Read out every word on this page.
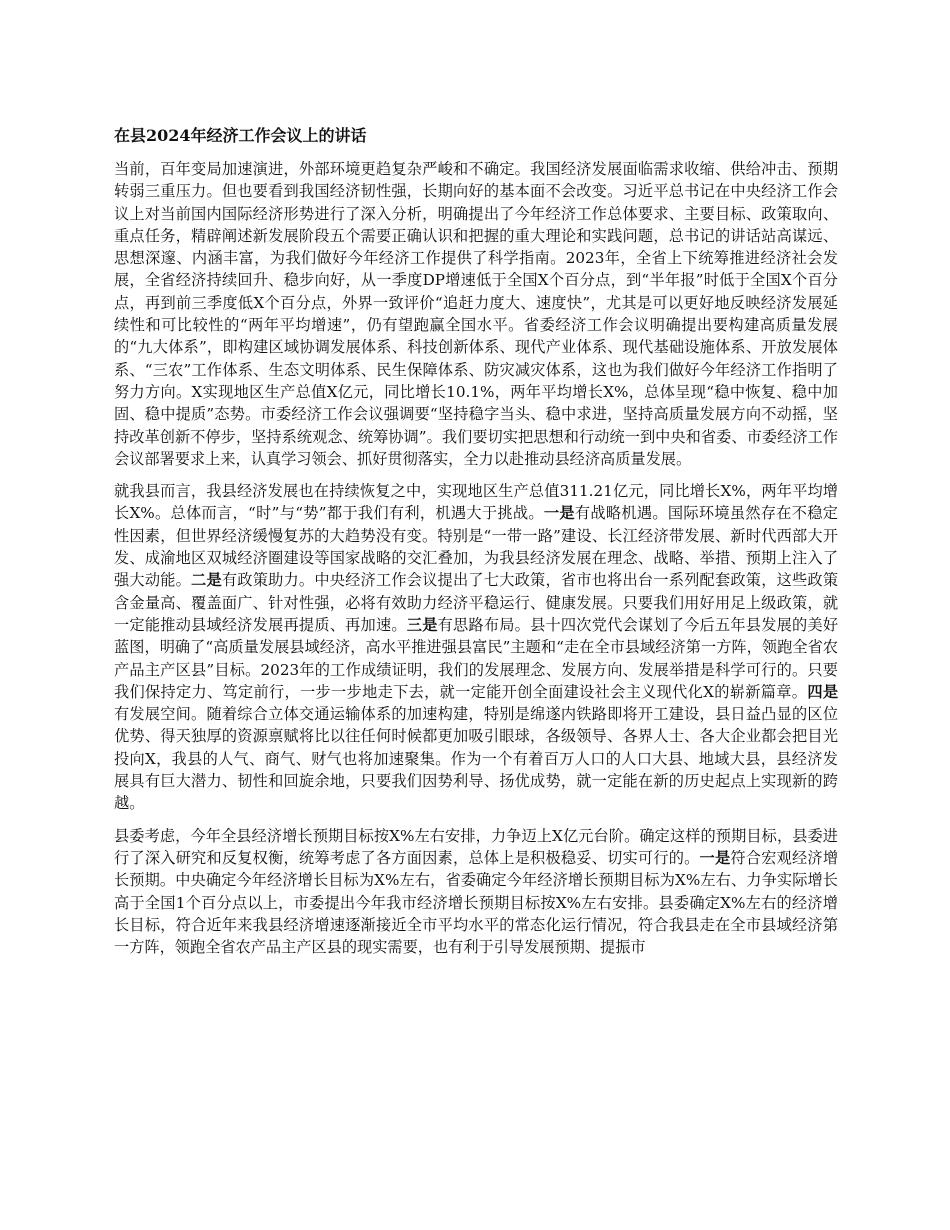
在县2024年经济工作会议上的讲话
当前，百年变局加速演进，外部环境更趋复杂严峻和不确定。我国经济发展面临需求收缩、供给冲击、预期转弱三重压力。但也要看到我国经济韧性强，长期向好的基本面不会改变。习近平总书记在中央经济工作会议上对当前国内国际经济形势进行了深入分析，明确提出了今年经济工作总体要求、主要目标、政策取向、重点任务，精辟阐述新发展阶段五个需要正确认识和把握的重大理论和实践问题，总书记的讲话站高谋远、思想深邃、内涵丰富，为我们做好今年经济工作提供了科学指南。2023年，全省上下统筹推进经济社会发展，全省经济持续回升、稳步向好，从一季度DP增速低于全国X个百分点，到“半年报”时低于全国X个百分点，再到前三季度低X个百分点，外界一致评价“追赶力度大、速度快”，尤其是可以更好地反映经济发展延续性和可比较性的“两年平均增速”，仍有望跑赢全国水平。省委经济工作会议明确提出要构建高质量发展的“九大体系”，即构建区域协调发展体系、科技创新体系、现代产业体系、现代基础设施体系、开放发展体系、“三农”工作体系、生态文明体系、民生保障体系、防灾减灾体系，这也为我们做好今年经济工作指明了努力方向。X实现地区生产总值X亿元，同比增长10.1%，两年平均增长X%，总体呈现“稳中恢复、稳中加固、稳中提质”态势。市委经济工作会议强调要“坚持稳字当头、稳中求进，坚持高质量发展方向不动摇，坚持改革创新不停步，坚持系统观念、统筹协调”。我们要切实把思想和行动统一到中央和省委、市委经济工作会议部署要求上来，认真学习领会、抓好贯彻落实，全力以赴推动县经济高质量发展。
就我县而言，我县经济发展也在持续恢复之中，实现地区生产总值311.21亿元，同比增长X%，两年平均增长X%。总体而言，“时”与“势”都于我们有利，机遇大于挑战。一是有战略机遇。国际环境虽然存在不稳定性因素，但世界经济缓慢复苏的大趋势没有变。特别是“一带一路”建设、长江经济带发展、新时代西部大开发、成渝地区双城经济圈建设等国家战略的交汇叠加，为我县经济发展在理念、战略、举措、预期上注入了强大动能。二是有政策助力。中央经济工作会议提出了七大政策，省市也将出台一系列配套政策，这些政策含金量高、覆盖面广、针对性强，必将有效助力经济平稳运行、健康发展。只要我们用好用足上级政策，就一定能推动县域经济发展再提质、再加速。三是有思路布局。县十四次党代会谋划了今后五年县发展的美好蓝图，明确了“高质量发展县域经济，高水平推进强县富民”主题和“走在全市县域经济第一方阵，领跑全省农产品主产区县”目标。2023年的工作成绩证明，我们的发展理念、发展方向、发展举措是科学可行的。只要我们保持定力、笃定前行，一步一步地走下去，就一定能开创全面建设社会主义现代化X的崭新篇章。四是有发展空间。随着综合立体交通运输体系的加速构建，特别是绵遂内铁路即将开工建设，县日益凸显的区位优势、得天独厚的资源禀赋将比以往任何时候都更加吸引眼球，各级领导、各界人士、各大企业都会把目光投向X，我县的人气、商气、财气也将加速聚集。作为一个有着百万人口的人口大县、地域大县，县经济发展具有巨大潜力、韧性和回旋余地，只要我们因势利导、扬优成势，就一定能在新的历史起点上实现新的跨越。
县委考虑，今年全县经济增长预期目标按X%左右安排，力争迈上X亿元台阶。确定这样的预期目标，县委进行了深入研究和反复权衡，统筹考虑了各方面因素，总体上是积极稳妥、切实可行的。一是符合宏观经济增长预期。中央确定今年经济增长目标为X%左右，省委确定今年经济增长预期目标为X%左右、力争实际增长高于全国1个百分点以上，市委提出今年我市经济增长预期目标按X%左右安排。县委确定X%左右的经济增长目标，符合近年来我县经济增速逐渐接近全市平均水平的常态化运行情况，符合我县走在全市县域经济第一方阵，领跑全省农产品主产区县的现实需要，也有利于引导发展预期、提振市
